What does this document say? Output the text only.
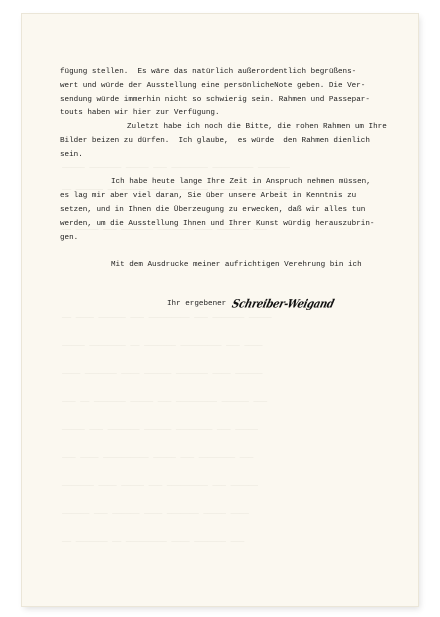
——————— ————————— ———————— ——— ————— ——————— —————
—— ———————— ————— ———————— ———— ————— —— —————— ——
——— ——————— ———— ——————— ——————— ——— ————— ——
————— ——————— ——— ————————— ——— —————— ———— ——
———— ——— ————————— ——————— —— ———————— —————
—————— ———— ——————— —————— ———— ——————— ————
——— —————— ————————— ——— ————— ——————— —— ———
————— ——— ———————— —————— ——————— ——— —————
——— ———————— ——— ————— —————————— ———— ———
—————— ——— ————————— ——— ————— ———— ———————
———— ————— ——————— ———— —————— ——— ——————
——— ——————— ———— ————————— —— ——————— ——
fügung stellen.  Es wäre das natürlich außerordentlich begrüßens-
wert und würde der Ausstellung eine persönlicheNote geben. Die Ver-
sendung würde immerhin nicht so schwierig sein. Rahmen und Passepar-
touts haben wir hier zur Verfügung.
Zuletzt habe ich noch die Bitte, die rohen Rahmen um Ihre
Bilder beizen zu dürfen.  Ich glaube,  es würde  den Rahmen dienlich
sein.
Ich habe heute lange Ihre Zeit in Anspruch nehmen müssen,
es lag mir aber viel daran, Sie über unsere Arbeit in Kenntnis zu
setzen, und in Ihnen die Überzeugung zu erwecken, daß wir alles tun
werden, um die Ausstellung Ihnen und Ihrer Kunst würdig herauszubrin-
gen.
Mit dem Ausdrucke meiner aufrichtigen Verehrung bin ich
Ihr ergebener Schreiber-Weigand
